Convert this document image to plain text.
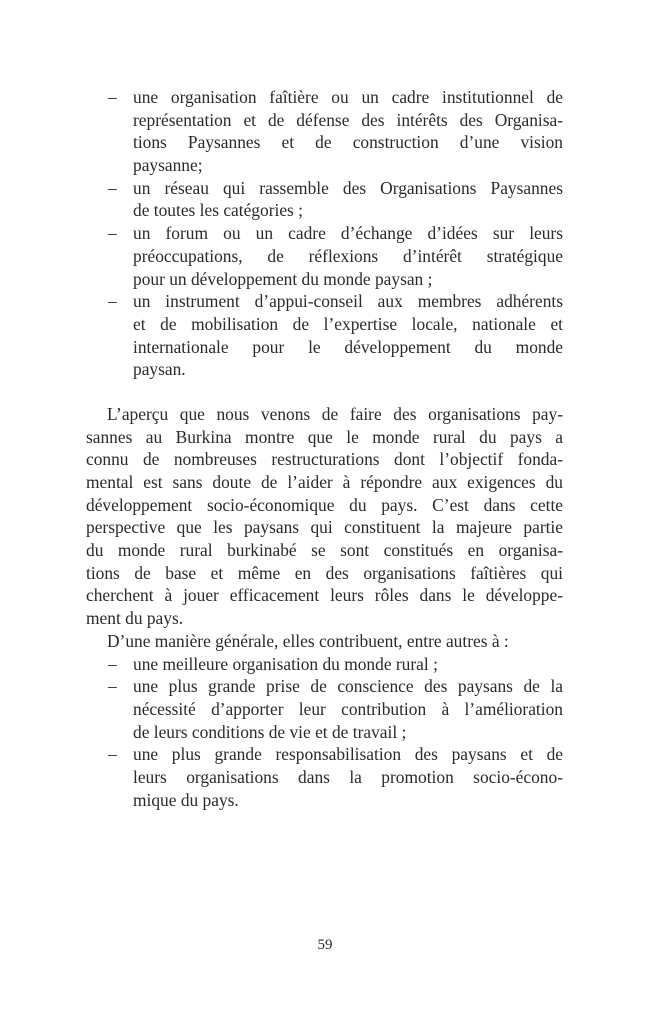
– une organisation faîtière ou un cadre institutionnel de
représentation et de défense des intérêts des Organisa-
tions Paysannes et de construction d’une vision
paysanne;
– un réseau qui rassemble des Organisations Paysannes
de toutes les catégories ;
– un forum ou un cadre d’échange d’idées sur leurs
préoccupations, de réflexions d’intérêt stratégique
pour un développement du monde paysan ;
– un instrument d’appui-conseil aux membres adhérents
et de mobilisation de l’expertise locale, nationale et
internationale pour le développement du monde
paysan.
L’aperçu que nous venons de faire des organisations pay-
sannes au Burkina montre que le monde rural du pays a
connu de nombreuses restructurations dont l’objectif fonda-
mental est sans doute de l’aider à répondre aux exigences du
développement socio-économique du pays. C’est dans cette
perspective que les paysans qui constituent la majeure partie
du monde rural burkinabé se sont constitués en organisa-
tions de base et même en des organisations faîtières qui
cherchent à jouer efficacement leurs rôles dans le développe-
ment du pays.
D’une manière générale, elles contribuent, entre autres à :
– une meilleure organisation du monde rural ;
– une plus grande prise de conscience des paysans de la
nécessité d’apporter leur contribution à l’amélioration
de leurs conditions de vie et de travail ;
– une plus grande responsabilisation des paysans et de
leurs organisations dans la promotion socio-écono-
mique du pays.
59
